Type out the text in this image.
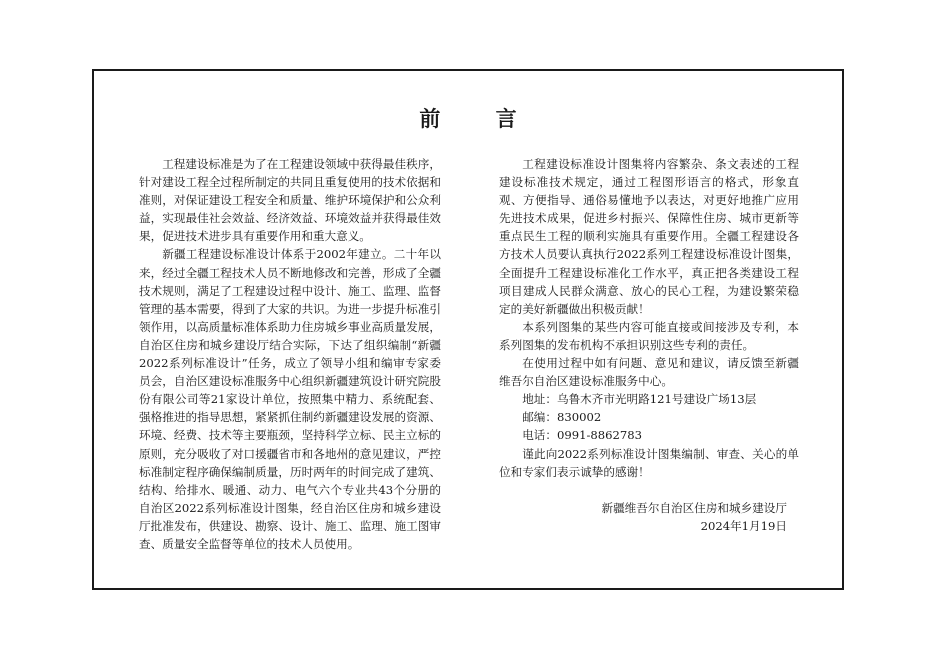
前 言

工程建设标准是为了在工程建设领域中获得最佳秩序，针对建设工程全过程所制定的共同且重复使用的技术依据和准则，对保证建设工程安全和质量、维护环境保护和公众利益，实现最佳社会效益、经济效益、环境效益并获得最佳效果，促进技术进步具有重要作用和重大意义。

新疆工程建设标准设计体系于2002年建立。二十年以来，经过全疆工程技术人员不断地修改和完善，形成了全疆技术规则，满足了工程建设过程中设计、施工、监理、监督管理的基本需要，得到了大家的共识。为进一步提升标准引领作用，以高质量标准体系助力住房城乡事业高质量发展，自治区住房和城乡建设厅结合实际，下达了组织编制“新疆2022系列标准设计”任务，成立了领导小组和编审专家委员会，自治区建设标准服务中心组织新疆建筑设计研究院股份有限公司等21家设计单位，按照集中精力、系统配套、强格推进的指导思想，紧紧抓住制约新疆建设发展的资源、环境、经费、技术等主要瓶颈，坚持科学立标、民主立标的原则，充分吸收了对口援疆省市和各地州的意见建议，严控标准制定程序确保编制质量，历时两年的时间完成了建筑、结构、给排水、暖通、动力、电气六个专业共43个分册的自治区2022系列标准设计图集，经自治区住房和城乡建设厅批准发布，供建设、勘察、设计、施工、监理、施工图审查、质量安全监督等单位的技术人员使用。

工程建设标准设计图集将内容繁杂、条文表述的工程建设标准技术规定，通过工程图形语言的格式，形象直观、方便指导、通俗易懂地予以表达，对更好地推广应用先进技术成果，促进乡村振兴、保障性住房、城市更新等重点民生工程的顺利实施具有重要作用。全疆工程建设各方技术人员要认真执行2022系列工程建设标准设计图集，全面提升工程建设标准化工作水平，真正把各类建设工程项目建成人民群众满意、放心的民心工程，为建设繁荣稳定的美好新疆做出积极贡献！

本系列图集的某些内容可能直接或间接涉及专利，本系列图集的发布机构不承担识别这些专利的责任。

在使用过程中如有问题、意见和建议，请反馈至新疆维吾尔自治区建设标准服务中心。

地址：乌鲁木齐市光明路121号建设广场13层

邮编：830002

电话：0991-8862783

谨此向2022系列标准设计图集编制、审查、关心的单位和专家们表示诚挚的感谢！

新疆维吾尔自治区住房和城乡建设厅
2024年1月19日
